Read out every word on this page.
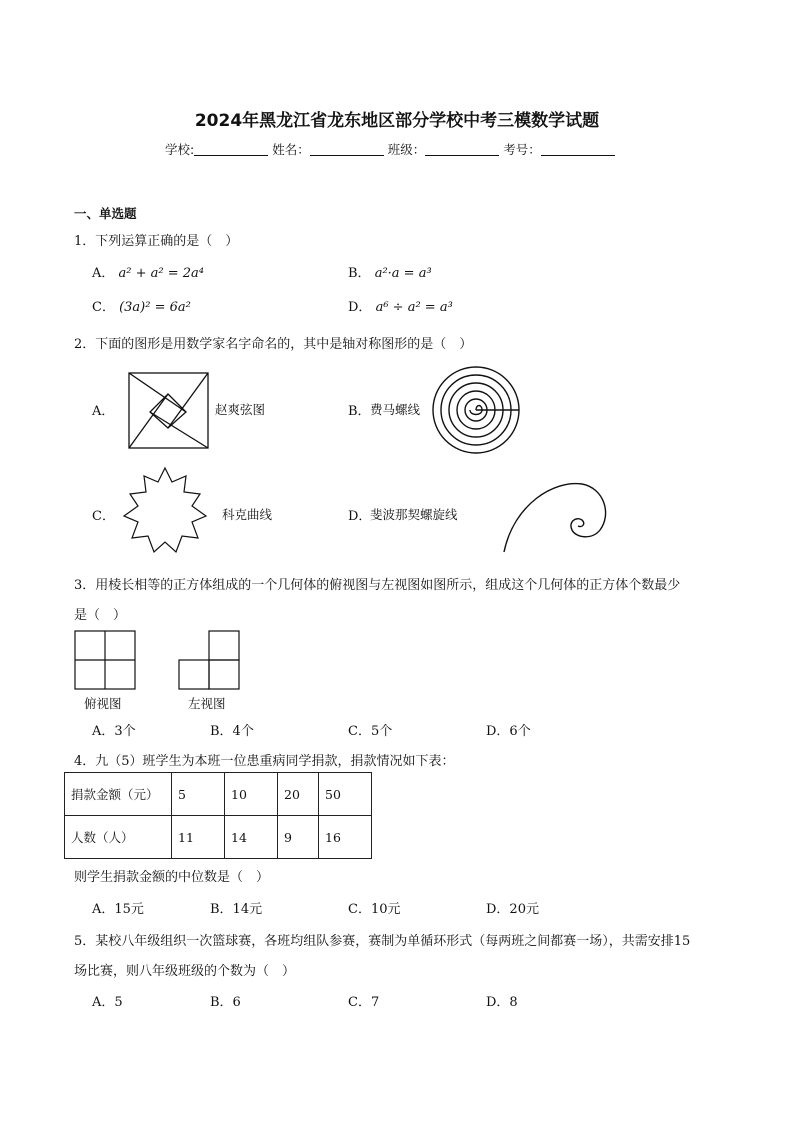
2024年黑龙江省龙东地区部分学校中考三模数学试题
学校:	姓名：	班级：	考号：
一、单选题
1．下列运算正确的是（　）
A． a² + a² = 2a⁴	B． a²·a = a³
C． (3a)² = 6a²	D． a⁶ ÷ a² = a³
2．下面的图形是用数学家名字命名的，其中是轴对称图形的是（　）
A．	赵爽弦图	B． 费马螺线
C．	科克曲线	D．
斐波那契螺旋线
3．用棱长相等的正方体组成的一个几何体的俯视图与左视图如图所示，组成这个几何体的正方体个数最少
是（　）
俯视图	左视图
A．3个	B．4个	C．5个	D．6个
4．九（5）班学生为本班一位患重病同学捐款，捐款情况如下表：
捐款金额（元）	5	10	20	50
人数（人）	11	14	9	16
则学生捐款金额的中位数是（　）
A．15元	B．14元	C．10元	D．20元
5．某校八年级组织一次篮球赛，各班均组队参赛，赛制为单循环形式（每两班之间都赛一场），共需安排15
场比赛，则八年级班级的个数为（　）
A．5	B．6	C．7	D．8
